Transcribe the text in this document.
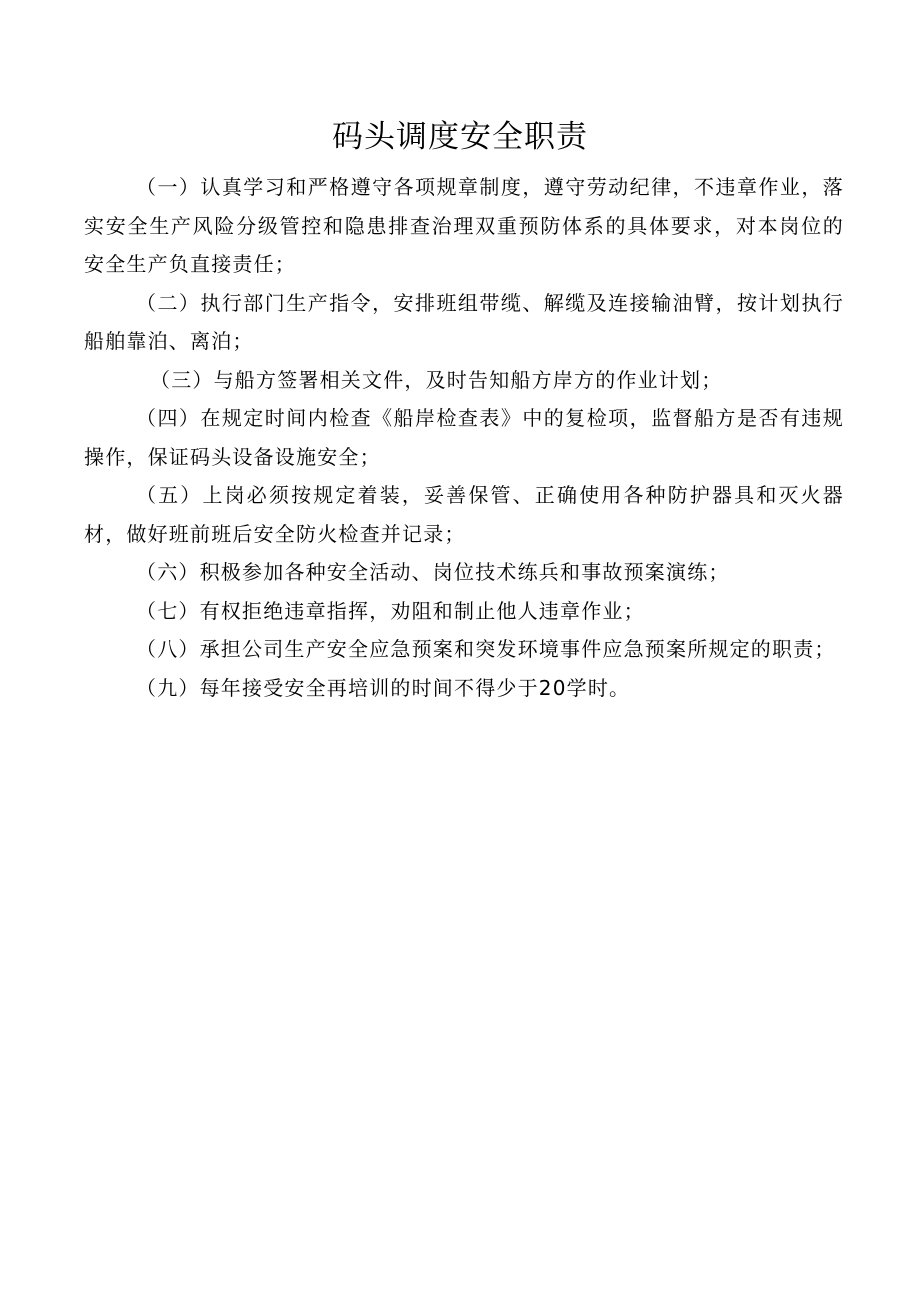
码头调度安全职责

（一）认真学习和严格遵守各项规章制度，遵守劳动纪律，不违章作业，落实安全生产风险分级管控和隐患排查治理双重预防体系的具体要求，对本岗位的安全生产负直接责任；

（二）执行部门生产指令，安排班组带缆、解缆及连接输油臂，按计划执行船舶靠泊、离泊；

（三）与船方签署相关文件，及时告知船方岸方的作业计划；

（四）在规定时间内检查《船岸检查表》中的复检项，监督船方是否有违规操作，保证码头设备设施安全；

（五）上岗必须按规定着装，妥善保管、正确使用各种防护器具和灭火器材，做好班前班后安全防火检查并记录；

（六）积极参加各种安全活动、岗位技术练兵和事故预案演练；

（七）有权拒绝违章指挥，劝阻和制止他人违章作业；

（八）承担公司生产安全应急预案和突发环境事件应急预案所规定的职责；

（九）每年接受安全再培训的时间不得少于20学时。
